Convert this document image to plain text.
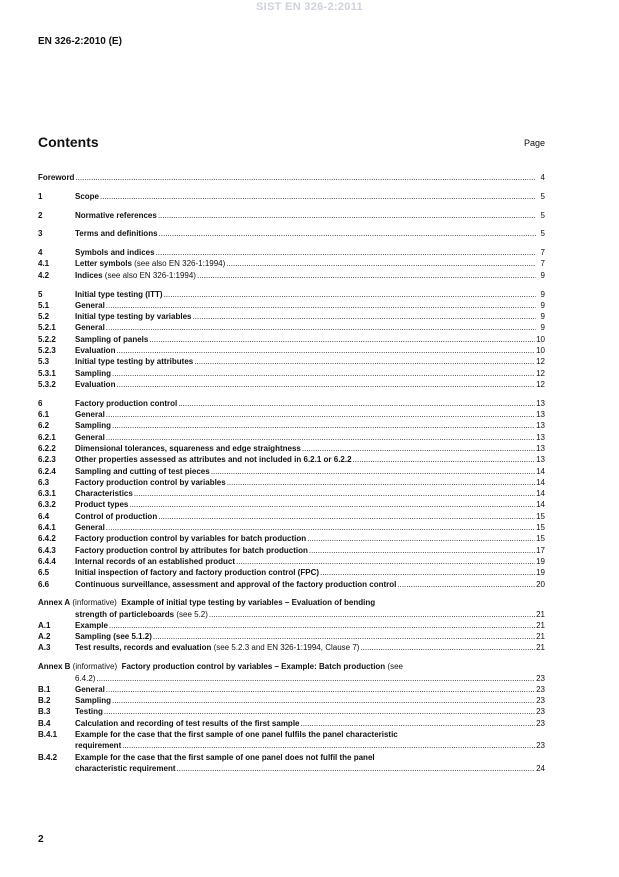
SIST EN 326-2:2011
EN 326-2:2010 (E)
Contents	Page
Foreword .....	4
1	Scope .....	5
2	Normative references .....	5
3	Terms and definitions .....	5
4	Symbols and indices .....	7
4.1	Letter symbols (see also EN 326-1:1994) .....	7
4.2	Indices (see also EN 326-1:1994) .....	9
5	Initial type testing (ITT) .....	9
5.1	General .....	9
5.2	Initial type testing by variables .....	9
5.2.1	General .....	9
5.2.2	Sampling of panels .....	10
5.2.3	Evaluation .....	10
5.3	Initial type testing by attributes .....	12
5.3.1	Sampling .....	12
5.3.2	Evaluation .....	12
6	Factory production control .....	13
6.1	General .....	13
6.2	Sampling .....	13
6.2.1	General .....	13
6.2.2	Dimensional tolerances, squareness and edge straightness .....	13
6.2.3	Other properties assessed as attributes and not included in 6.2.1 or 6.2.2 .....	13
6.2.4	Sampling and cutting of test pieces .....	14
6.3	Factory production control by variables .....	14
6.3.1	Characteristics .....	14
6.3.2	Product types .....	14
6.4	Control of production .....	15
6.4.1	General .....	15
6.4.2	Factory production control by variables for batch production .....	15
6.4.3	Factory production control by attributes for batch production .....	17
6.4.4	Internal records of an established product .....	19
6.5	Initial inspection of factory and factory production control (FPC) .....	19
6.6	Continuous surveillance, assessment and approval of the factory production control .....	20
Annex A (informative)  Example of initial type testing by variables – Evaluation of bending
strength of particleboards (see 5.2) .....	21
A.1	Example .....	21
A.2	Sampling (see 5.1.2) .....	21
A.3	Test results, records and evaluation (see 5.2.3 and EN 326-1:1994, Clause 7) .....	21
Annex B (informative)  Factory production control by variables – Example: Batch production (see
6.4.2) .....	23
B.1	General .....	23
B.2	Sampling .....	23
B.3	Testing .....	23
B.4	Calculation and recording of test results of the first sample .....	23
B.4.1	Example for the case that the first sample of one panel fulfils the panel characteristic
requirement .....	23
B.4.2	Example for the case that the first sample of one panel does not fulfil the panel
characteristic requirement .....	24
2
